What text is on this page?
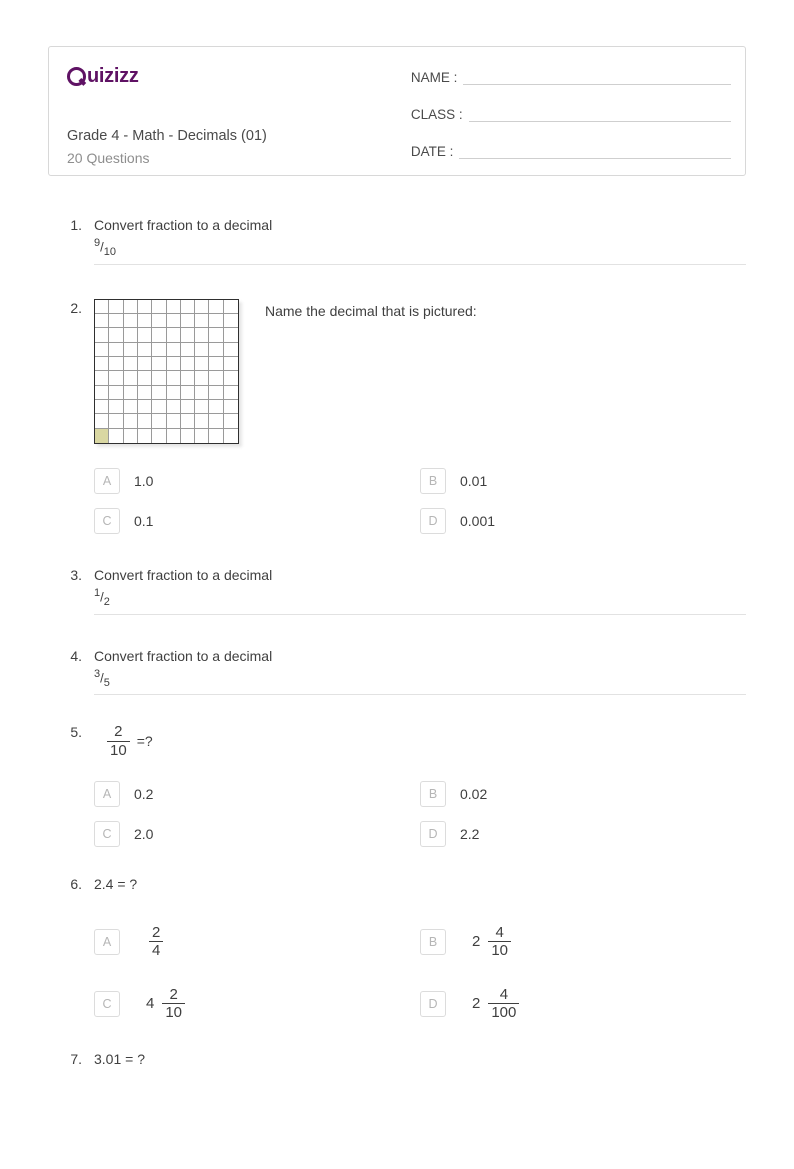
uizizz
Grade 4 - Math - Decimals (01)
20 Questions
NAME :
CLASS :
DATE :
1. Convert fraction to a decimal
$^9/_{10}$
2.	Name the decimal that is pictured:
A	1.0	B	0.01
C	0.1	D	0.001
3. Convert fraction to a decimal
$^1/_2$
4. Convert fraction to a decimal
$^3/_5$
5. $\frac{2}{10}$ =?
A	0.2	B	0.02
C	2.0	D	2.2
6. 2.4 = ?
A	$\frac{2}{4}$	B	$2 \frac{4}{10}$
C	$4 \frac{2}{10}$	D	$2 \frac{4}{100}$
7. 3.01 = ?
